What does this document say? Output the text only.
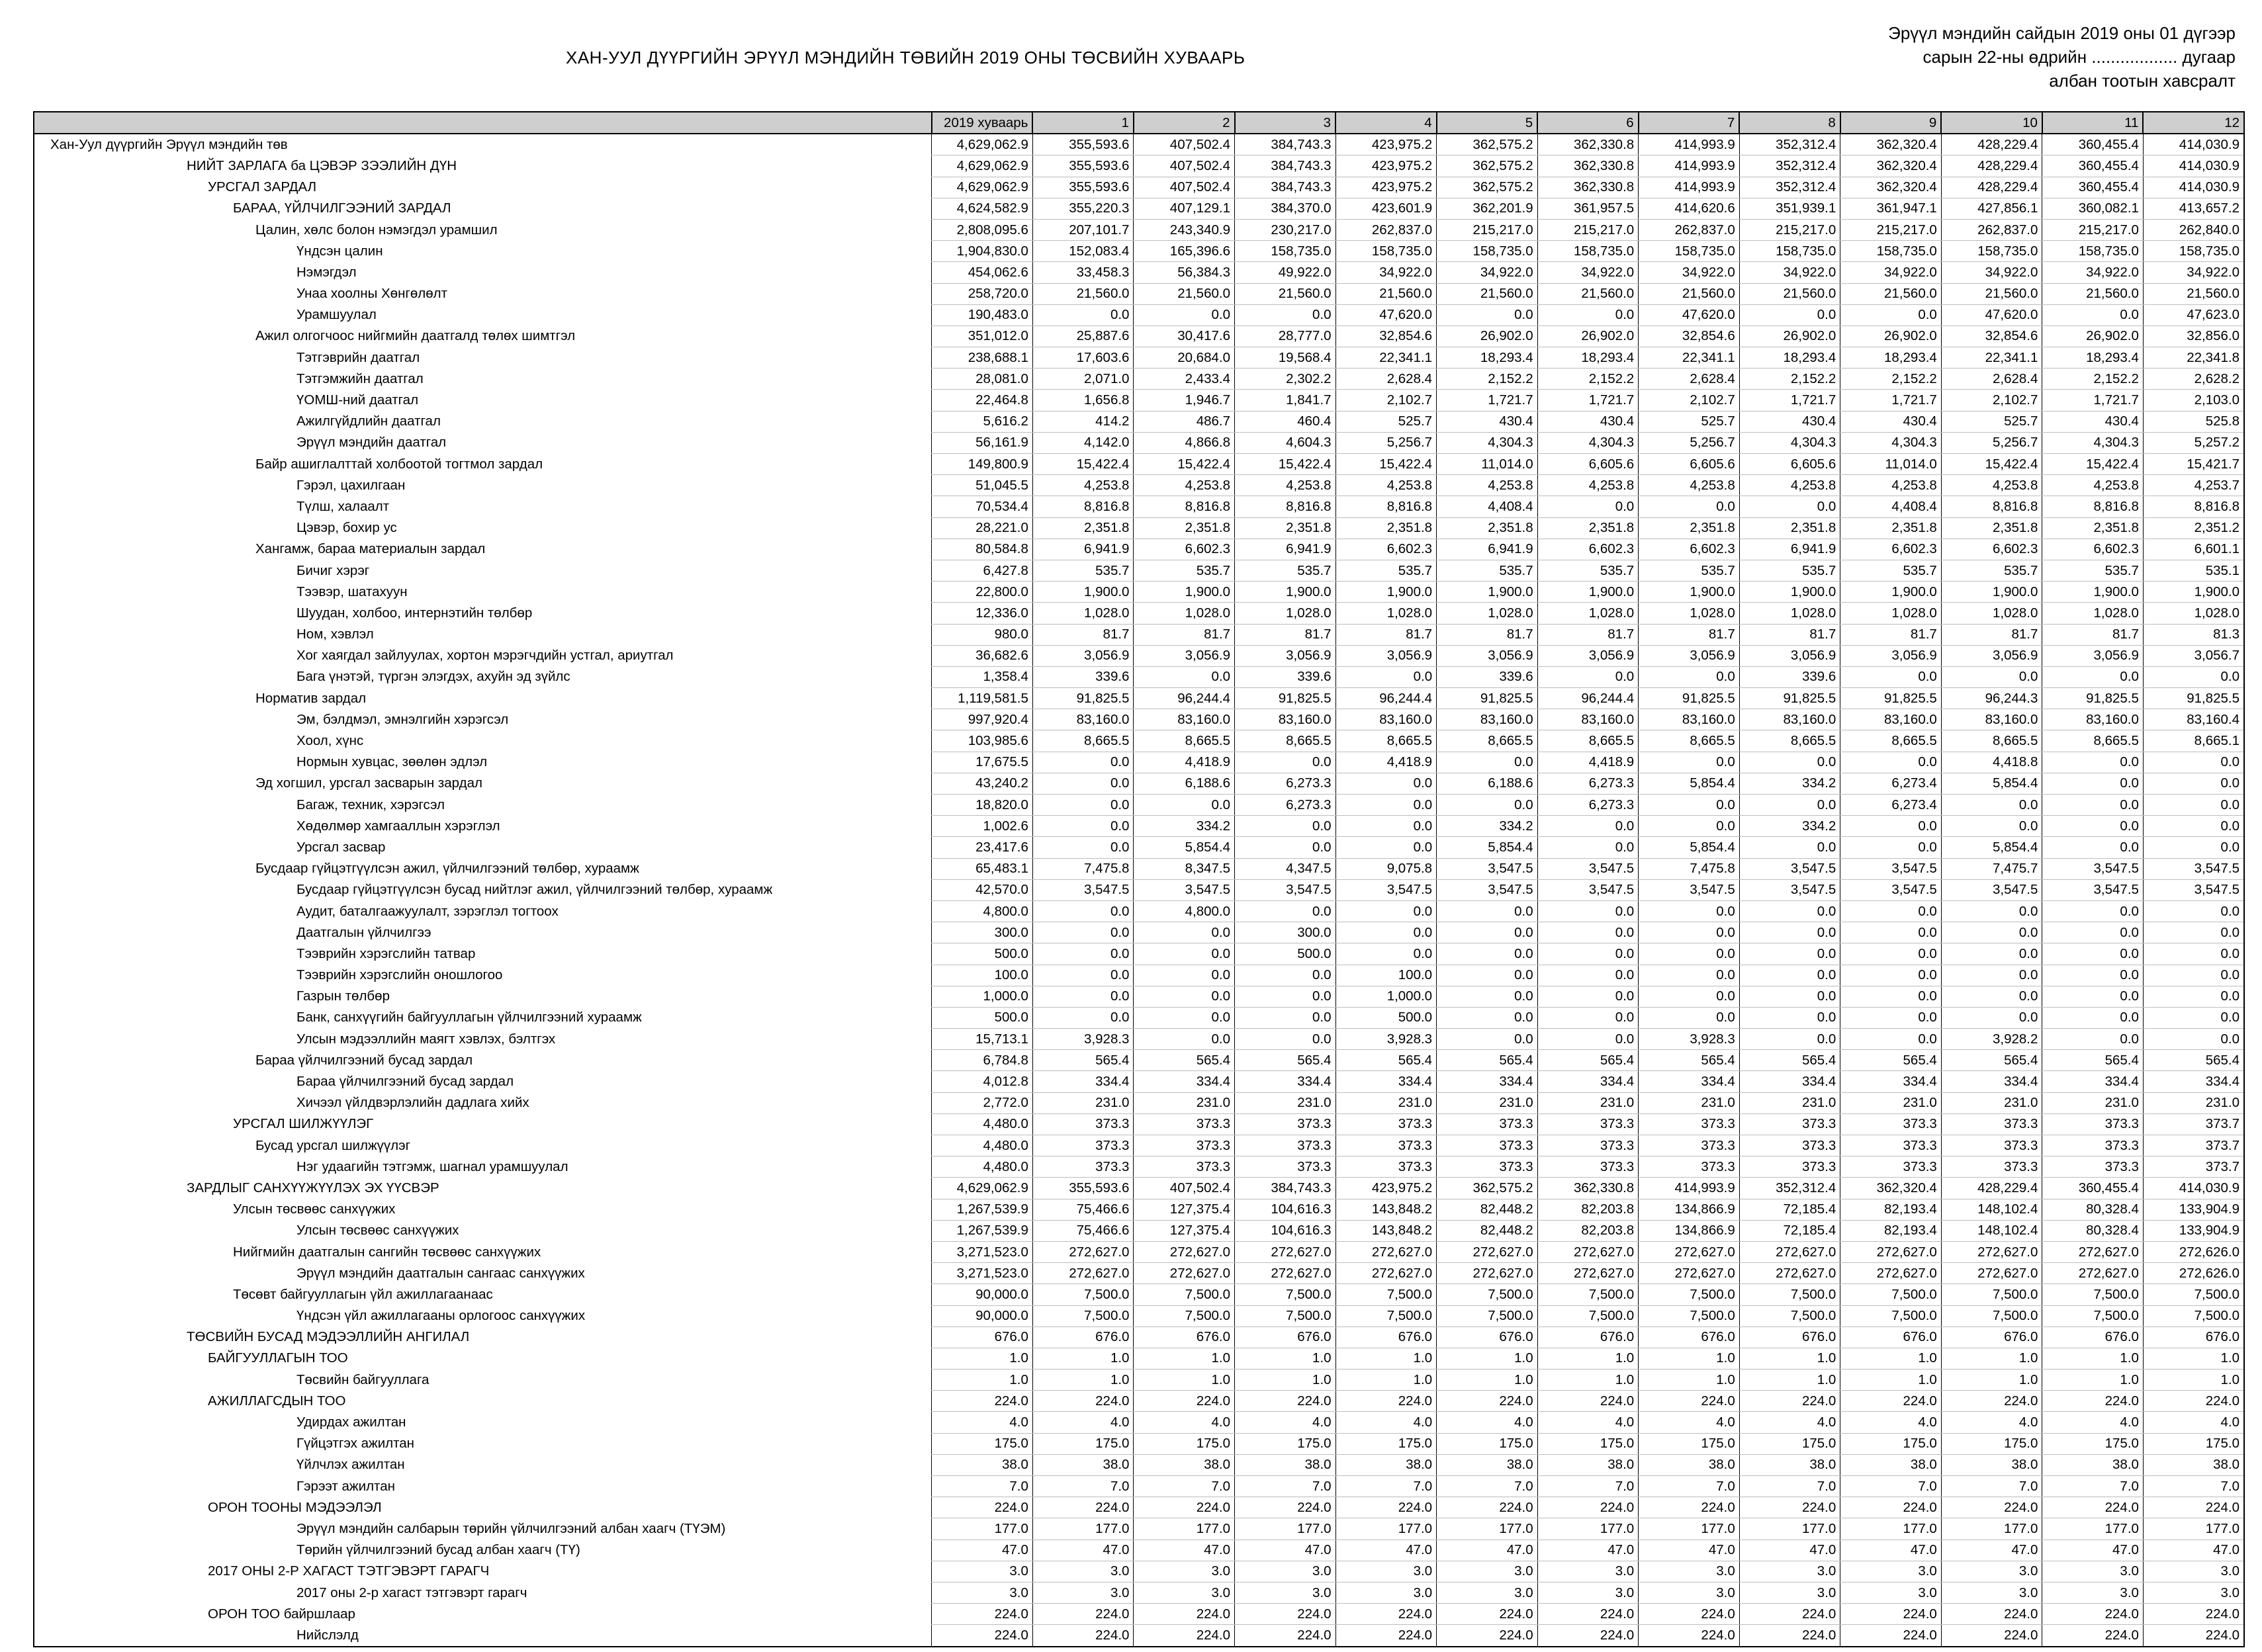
ХАН-УУЛ ДҮҮРГИЙН ЭРҮҮЛ МЭНДИЙН ТӨВИЙН 2019 ОНЫ ТӨСВИЙН ХУВААРЬ
Эрүүл мэндийн сайдын 2019 оны 01 дүгээр
сарын 22-ны өдрийн .................. дугаар
албан тоотын хавсралт
	2019 хуваарь	1	2	3	4	5	6	7	8	9	10	11	12
Хан-Уул дүүргийн Эрүүл мэндийн төв	4,629,062.9	355,593.6	407,502.4	384,743.3	423,975.2	362,575.2	362,330.8	414,993.9	352,312.4	362,320.4	428,229.4	360,455.4	414,030.9
НИЙТ ЗАРЛАГА ба ЦЭВЭР ЗЭЭЛИЙН ДҮН	4,629,062.9	355,593.6	407,502.4	384,743.3	423,975.2	362,575.2	362,330.8	414,993.9	352,312.4	362,320.4	428,229.4	360,455.4	414,030.9
УРСГАЛ ЗАРДАЛ	4,629,062.9	355,593.6	407,502.4	384,743.3	423,975.2	362,575.2	362,330.8	414,993.9	352,312.4	362,320.4	428,229.4	360,455.4	414,030.9
БАРАА, ҮЙЛЧИЛГЭЭНИЙ ЗАРДАЛ	4,624,582.9	355,220.3	407,129.1	384,370.0	423,601.9	362,201.9	361,957.5	414,620.6	351,939.1	361,947.1	427,856.1	360,082.1	413,657.2
Цалин, хөлс болон нэмэгдэл урамшил	2,808,095.6	207,101.7	243,340.9	230,217.0	262,837.0	215,217.0	215,217.0	262,837.0	215,217.0	215,217.0	262,837.0	215,217.0	262,840.0
Үндсэн цалин	1,904,830.0	152,083.4	165,396.6	158,735.0	158,735.0	158,735.0	158,735.0	158,735.0	158,735.0	158,735.0	158,735.0	158,735.0	158,735.0
Нэмэгдэл	454,062.6	33,458.3	56,384.3	49,922.0	34,922.0	34,922.0	34,922.0	34,922.0	34,922.0	34,922.0	34,922.0	34,922.0	34,922.0
Унаа хоолны Хөнгөлөлт	258,720.0	21,560.0	21,560.0	21,560.0	21,560.0	21,560.0	21,560.0	21,560.0	21,560.0	21,560.0	21,560.0	21,560.0	21,560.0
Урамшуулал	190,483.0	0.0	0.0	0.0	47,620.0	0.0	0.0	47,620.0	0.0	0.0	47,620.0	0.0	47,623.0
Ажил олгогчоос нийгмийн даатгалд төлөх шимтгэл	351,012.0	25,887.6	30,417.6	28,777.0	32,854.6	26,902.0	26,902.0	32,854.6	26,902.0	26,902.0	32,854.6	26,902.0	32,856.0
Тэтгэврийн даатгал	238,688.1	17,603.6	20,684.0	19,568.4	22,341.1	18,293.4	18,293.4	22,341.1	18,293.4	18,293.4	22,341.1	18,293.4	22,341.8
Тэтгэмжийн даатгал	28,081.0	2,071.0	2,433.4	2,302.2	2,628.4	2,152.2	2,152.2	2,628.4	2,152.2	2,152.2	2,628.4	2,152.2	2,628.2
ҮОМШ-ний даатгал	22,464.8	1,656.8	1,946.7	1,841.7	2,102.7	1,721.7	1,721.7	2,102.7	1,721.7	1,721.7	2,102.7	1,721.7	2,103.0
Ажилгүйдлийн даатгал	5,616.2	414.2	486.7	460.4	525.7	430.4	430.4	525.7	430.4	430.4	525.7	430.4	525.8
Эрүүл мэндийн даатгал	56,161.9	4,142.0	4,866.8	4,604.3	5,256.7	4,304.3	4,304.3	5,256.7	4,304.3	4,304.3	5,256.7	4,304.3	5,257.2
Байр ашиглалттай холбоотой тогтмол зардал	149,800.9	15,422.4	15,422.4	15,422.4	15,422.4	11,014.0	6,605.6	6,605.6	6,605.6	11,014.0	15,422.4	15,422.4	15,421.7
Гэрэл, цахилгаан	51,045.5	4,253.8	4,253.8	4,253.8	4,253.8	4,253.8	4,253.8	4,253.8	4,253.8	4,253.8	4,253.8	4,253.8	4,253.7
Түлш, халаалт	70,534.4	8,816.8	8,816.8	8,816.8	8,816.8	4,408.4	0.0	0.0	0.0	4,408.4	8,816.8	8,816.8	8,816.8
Цэвэр, бохир ус	28,221.0	2,351.8	2,351.8	2,351.8	2,351.8	2,351.8	2,351.8	2,351.8	2,351.8	2,351.8	2,351.8	2,351.8	2,351.2
Хангамж, бараа материалын зардал	80,584.8	6,941.9	6,602.3	6,941.9	6,602.3	6,941.9	6,602.3	6,602.3	6,941.9	6,602.3	6,602.3	6,602.3	6,601.1
Бичиг хэрэг	6,427.8	535.7	535.7	535.7	535.7	535.7	535.7	535.7	535.7	535.7	535.7	535.7	535.1
Тээвэр, шатахуун	22,800.0	1,900.0	1,900.0	1,900.0	1,900.0	1,900.0	1,900.0	1,900.0	1,900.0	1,900.0	1,900.0	1,900.0	1,900.0
Шуудан, холбоо, интернэтийн төлбөр	12,336.0	1,028.0	1,028.0	1,028.0	1,028.0	1,028.0	1,028.0	1,028.0	1,028.0	1,028.0	1,028.0	1,028.0	1,028.0
Ном, хэвлэл	980.0	81.7	81.7	81.7	81.7	81.7	81.7	81.7	81.7	81.7	81.7	81.7	81.3
Хог хаягдал зайлуулах, хортон мэрэгчдийн устгал, ариутгал	36,682.6	3,056.9	3,056.9	3,056.9	3,056.9	3,056.9	3,056.9	3,056.9	3,056.9	3,056.9	3,056.9	3,056.9	3,056.7
Бага үнэтэй, түргэн элэгдэх, ахуйн эд зүйлс	1,358.4	339.6	0.0	339.6	0.0	339.6	0.0	0.0	339.6	0.0	0.0	0.0	0.0
Норматив зардал	1,119,581.5	91,825.5	96,244.4	91,825.5	96,244.4	91,825.5	96,244.4	91,825.5	91,825.5	91,825.5	96,244.3	91,825.5	91,825.5
Эм, бэлдмэл, эмнэлгийн хэрэгсэл	997,920.4	83,160.0	83,160.0	83,160.0	83,160.0	83,160.0	83,160.0	83,160.0	83,160.0	83,160.0	83,160.0	83,160.0	83,160.4
Хоол, хүнс	103,985.6	8,665.5	8,665.5	8,665.5	8,665.5	8,665.5	8,665.5	8,665.5	8,665.5	8,665.5	8,665.5	8,665.5	8,665.1
Нормын хувцас, зөөлөн эдлэл	17,675.5	0.0	4,418.9	0.0	4,418.9	0.0	4,418.9	0.0	0.0	0.0	4,418.8	0.0	0.0
Эд хогшил, урсгал засварын зардал	43,240.2	0.0	6,188.6	6,273.3	0.0	6,188.6	6,273.3	5,854.4	334.2	6,273.4	5,854.4	0.0	0.0
Багаж, техник, хэрэгсэл	18,820.0	0.0	0.0	6,273.3	0.0	0.0	6,273.3	0.0	0.0	6,273.4	0.0	0.0	0.0
Хөдөлмөр хамгааллын хэрэглэл	1,002.6	0.0	334.2	0.0	0.0	334.2	0.0	0.0	334.2	0.0	0.0	0.0	0.0
Урсгал засвар	23,417.6	0.0	5,854.4	0.0	0.0	5,854.4	0.0	5,854.4	0.0	0.0	5,854.4	0.0	0.0
Бусдаар гүйцэтгүүлсэн ажил, үйлчилгээний төлбөр, хураамж	65,483.1	7,475.8	8,347.5	4,347.5	9,075.8	3,547.5	3,547.5	7,475.8	3,547.5	3,547.5	7,475.7	3,547.5	3,547.5
Бусдаар гүйцэтгүүлсэн бусад нийтлэг ажил, үйлчилгээний төлбөр, хураамж	42,570.0	3,547.5	3,547.5	3,547.5	3,547.5	3,547.5	3,547.5	3,547.5	3,547.5	3,547.5	3,547.5	3,547.5	3,547.5
Аудит, баталгаажуулалт, зэрэглэл тогтоох	4,800.0	0.0	4,800.0	0.0	0.0	0.0	0.0	0.0	0.0	0.0	0.0	0.0	0.0
Даатгалын үйлчилгээ	300.0	0.0	0.0	300.0	0.0	0.0	0.0	0.0	0.0	0.0	0.0	0.0	0.0
Тээврийн хэрэгслийн татвар	500.0	0.0	0.0	500.0	0.0	0.0	0.0	0.0	0.0	0.0	0.0	0.0	0.0
Тээврийн хэрэгслийн оношлогоо	100.0	0.0	0.0	0.0	100.0	0.0	0.0	0.0	0.0	0.0	0.0	0.0	0.0
Газрын төлбөр	1,000.0	0.0	0.0	0.0	1,000.0	0.0	0.0	0.0	0.0	0.0	0.0	0.0	0.0
Банк, санхүүгийн байгууллагын үйлчилгээний хураамж	500.0	0.0	0.0	0.0	500.0	0.0	0.0	0.0	0.0	0.0	0.0	0.0	0.0
Улсын мэдээллийн маягт хэвлэх, бэлтгэх	15,713.1	3,928.3	0.0	0.0	3,928.3	0.0	0.0	3,928.3	0.0	0.0	3,928.2	0.0	0.0
Бараа үйлчилгээний бусад зардал	6,784.8	565.4	565.4	565.4	565.4	565.4	565.4	565.4	565.4	565.4	565.4	565.4	565.4
Бараа үйлчилгээний бусад зардал	4,012.8	334.4	334.4	334.4	334.4	334.4	334.4	334.4	334.4	334.4	334.4	334.4	334.4
Хичээл үйлдвэрлэлийн дадлага хийх	2,772.0	231.0	231.0	231.0	231.0	231.0	231.0	231.0	231.0	231.0	231.0	231.0	231.0
УРСГАЛ ШИЛЖҮҮЛЭГ	4,480.0	373.3	373.3	373.3	373.3	373.3	373.3	373.3	373.3	373.3	373.3	373.3	373.7
Бусад урсгал шилжүүлэг	4,480.0	373.3	373.3	373.3	373.3	373.3	373.3	373.3	373.3	373.3	373.3	373.3	373.7
Нэг удаагийн тэтгэмж, шагнал урамшуулал	4,480.0	373.3	373.3	373.3	373.3	373.3	373.3	373.3	373.3	373.3	373.3	373.3	373.7
ЗАРДЛЫГ САНХҮҮЖҮҮЛЭХ ЭХ ҮҮСВЭР	4,629,062.9	355,593.6	407,502.4	384,743.3	423,975.2	362,575.2	362,330.8	414,993.9	352,312.4	362,320.4	428,229.4	360,455.4	414,030.9
Улсын төсвөөс санхүүжих	1,267,539.9	75,466.6	127,375.4	104,616.3	143,848.2	82,448.2	82,203.8	134,866.9	72,185.4	82,193.4	148,102.4	80,328.4	133,904.9
Улсын төсвөөс санхүүжих	1,267,539.9	75,466.6	127,375.4	104,616.3	143,848.2	82,448.2	82,203.8	134,866.9	72,185.4	82,193.4	148,102.4	80,328.4	133,904.9
Нийгмийн даатгалын сангийн төсвөөс санхүүжих	3,271,523.0	272,627.0	272,627.0	272,627.0	272,627.0	272,627.0	272,627.0	272,627.0	272,627.0	272,627.0	272,627.0	272,627.0	272,626.0
Эрүүл мэндийн даатгалын сангаас санхүүжих	3,271,523.0	272,627.0	272,627.0	272,627.0	272,627.0	272,627.0	272,627.0	272,627.0	272,627.0	272,627.0	272,627.0	272,627.0	272,626.0
Төсөвт байгууллагын үйл ажиллагаанаас	90,000.0	7,500.0	7,500.0	7,500.0	7,500.0	7,500.0	7,500.0	7,500.0	7,500.0	7,500.0	7,500.0	7,500.0	7,500.0
Үндсэн үйл ажиллагааны орлогоос санхүүжих	90,000.0	7,500.0	7,500.0	7,500.0	7,500.0	7,500.0	7,500.0	7,500.0	7,500.0	7,500.0	7,500.0	7,500.0	7,500.0
ТӨСВИЙН БУСАД МЭДЭЭЛЛИЙН АНГИЛАЛ	676.0	676.0	676.0	676.0	676.0	676.0	676.0	676.0	676.0	676.0	676.0	676.0	676.0
БАЙГУУЛЛАГЫН ТОО	1.0	1.0	1.0	1.0	1.0	1.0	1.0	1.0	1.0	1.0	1.0	1.0	1.0
Төсвийн байгууллага	1.0	1.0	1.0	1.0	1.0	1.0	1.0	1.0	1.0	1.0	1.0	1.0	1.0
АЖИЛЛАГСДЫН ТОО	224.0	224.0	224.0	224.0	224.0	224.0	224.0	224.0	224.0	224.0	224.0	224.0	224.0
Удирдах ажилтан	4.0	4.0	4.0	4.0	4.0	4.0	4.0	4.0	4.0	4.0	4.0	4.0	4.0
Гүйцэтгэх ажилтан	175.0	175.0	175.0	175.0	175.0	175.0	175.0	175.0	175.0	175.0	175.0	175.0	175.0
Үйлчлэх ажилтан	38.0	38.0	38.0	38.0	38.0	38.0	38.0	38.0	38.0	38.0	38.0	38.0	38.0
Гэрээт ажилтан	7.0	7.0	7.0	7.0	7.0	7.0	7.0	7.0	7.0	7.0	7.0	7.0	7.0
ОРОН ТООНЫ МЭДЭЭЛЭЛ	224.0	224.0	224.0	224.0	224.0	224.0	224.0	224.0	224.0	224.0	224.0	224.0	224.0
Эрүүл мэндийн салбарын төрийн үйлчилгээний албан хаагч (ТҮЭМ)	177.0	177.0	177.0	177.0	177.0	177.0	177.0	177.0	177.0	177.0	177.0	177.0	177.0
Төрийн үйлчилгээний бусад албан хаагч (ТҮ)	47.0	47.0	47.0	47.0	47.0	47.0	47.0	47.0	47.0	47.0	47.0	47.0	47.0
2017 ОНЫ 2-Р ХАГАСТ ТЭТГЭВЭРТ ГАРАГЧ	3.0	3.0	3.0	3.0	3.0	3.0	3.0	3.0	3.0	3.0	3.0	3.0	3.0
2017 оны 2-р хагаст тэтгэвэрт гарагч	3.0	3.0	3.0	3.0	3.0	3.0	3.0	3.0	3.0	3.0	3.0	3.0	3.0
ОРОН ТОО байршлаар	224.0	224.0	224.0	224.0	224.0	224.0	224.0	224.0	224.0	224.0	224.0	224.0	224.0
Нийслэлд	224.0	224.0	224.0	224.0	224.0	224.0	224.0	224.0	224.0	224.0	224.0	224.0	224.0
